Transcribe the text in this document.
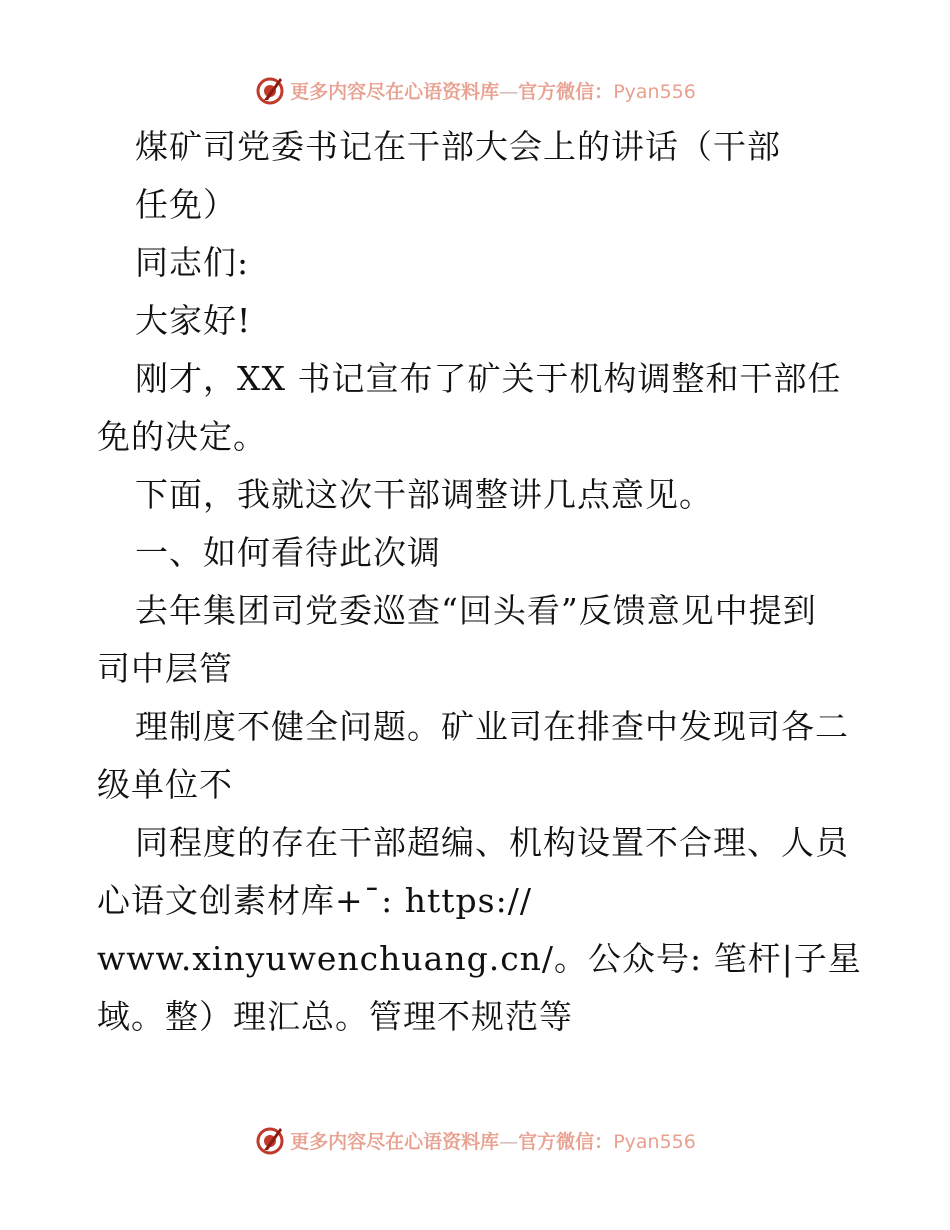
更多内容尽在心语资料库—官方微信：Pyan556
煤矿司党委书记在干部大会上的讲话（干部
任免）
同志们:
大家好!
刚才，XX 书记宣布了矿关于机构调整和干部任
免的决定。
下面，我就这次干部调整讲几点意见。
一、如何看待此次调
去年集团司党委巡查“回头看”反馈意见中提到
司中层管
理制度不健全问题。矿业司在排查中发现司各二
级单位不
同程度的存在干部超编、机构设置不合理、人员
心语文创素材库+¯: https://
www.xinyuwenchuang.cn/。公众号: 笔杆|子星
域。整）理汇总。管理不规范等
更多内容尽在心语资料库—官方微信：Pyan556
